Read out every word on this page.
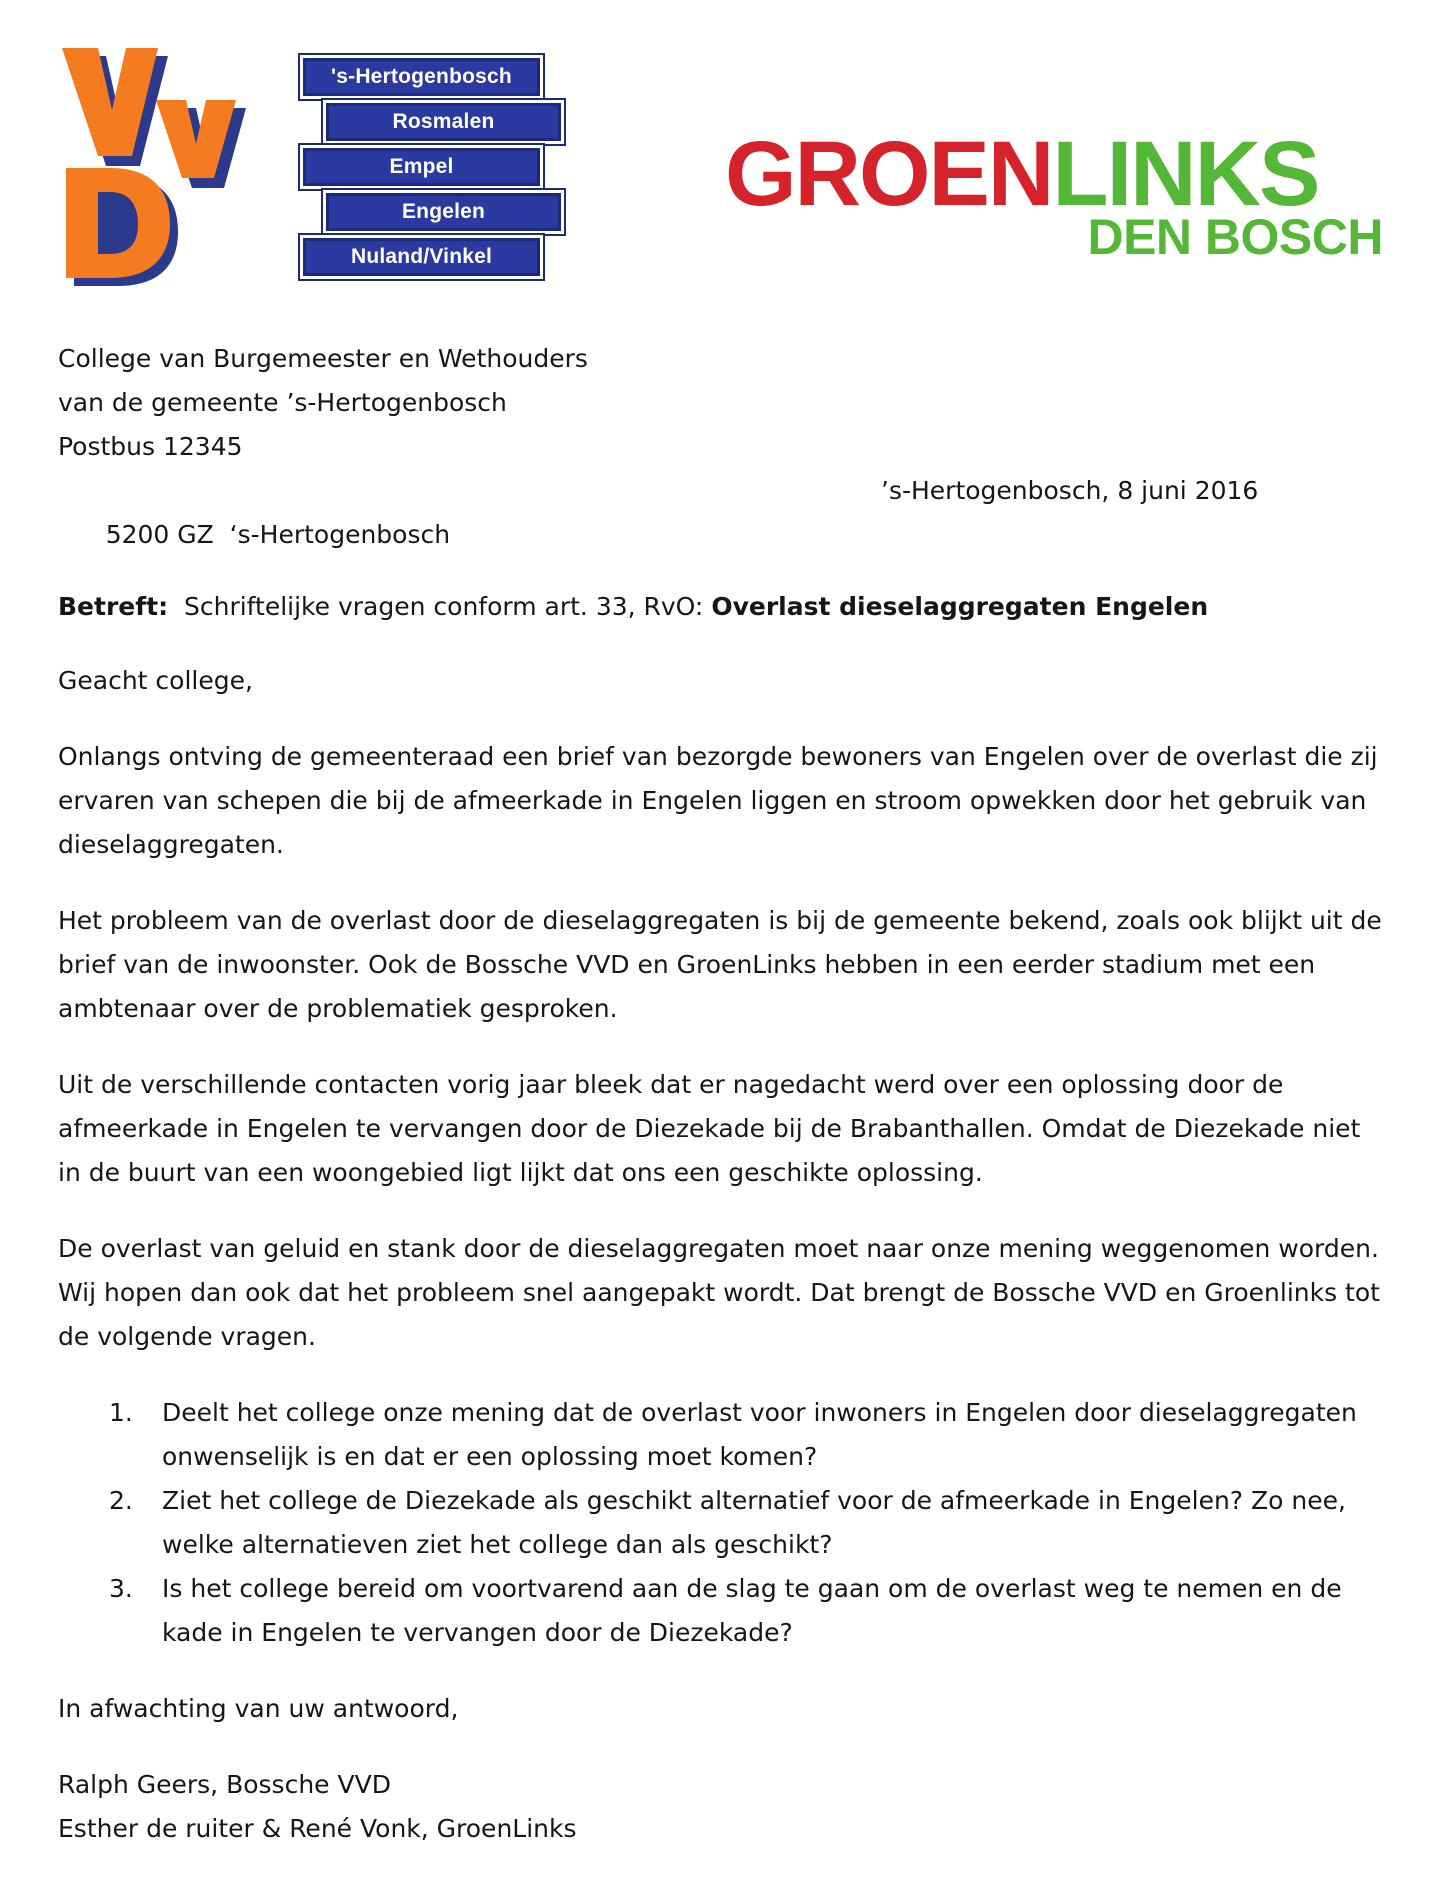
's-Hertogenbosch
Rosmalen
Empel
Engelen
Nuland/Vinkel
GROENLINKS
DEN BOSCH
College van Burgemeester en Wethouders
van de gemeente ’s-Hertogenbosch
Postbus 12345

5200 GZ  ‘s-Hertogenbosch

’s-Hertogenbosch, 8 juni 2016

Betreft: Schriftelijke vragen conform art. 33, RvO: Overlast dieselaggregaten Engelen
Geacht college,

Onlangs ontving de gemeenteraad een brief van bezorgde bewoners van Engelen over de overlast die zij ervaren van schepen die bij de afmeerkade in Engelen liggen en stroom opwekken door het gebruik van dieselaggregaten.

Het probleem van de overlast door de dieselaggregaten is bij de gemeente bekend, zoals ook blijkt uit de brief van de inwoonster. Ook de Bossche VVD en GroenLinks hebben in een eerder stadium met een ambtenaar over de problematiek gesproken.

Uit de verschillende contacten vorig jaar bleek dat er nagedacht werd over een oplossing door de afmeerkade in Engelen te vervangen door de Diezekade bij de Brabanthallen. Omdat de Diezekade niet in de buurt van een woongebied ligt lijkt dat ons een geschikte oplossing.

De overlast van geluid en stank door de dieselaggregaten moet naar onze mening weggenomen worden. Wij hopen dan ook dat het probleem snel aangepakt wordt. Dat brengt de Bossche VVD en Groenlinks tot de volgende vragen.

1. Deelt het college onze mening dat de overlast voor inwoners in Engelen door dieselaggregaten onwenselijk is en dat er een oplossing moet komen?
2. Ziet het college de Diezekade als geschikt alternatief voor de afmeerkade in Engelen? Zo nee, welke alternatieven ziet het college dan als geschikt?
3. Is het college bereid om voortvarend aan de slag te gaan om de overlast weg te nemen en de kade in Engelen te vervangen door de Diezekade?
In afwachting van uw antwoord,
Ralph Geers, Bossche VVD
Esther de ruiter & René Vonk, GroenLinks
